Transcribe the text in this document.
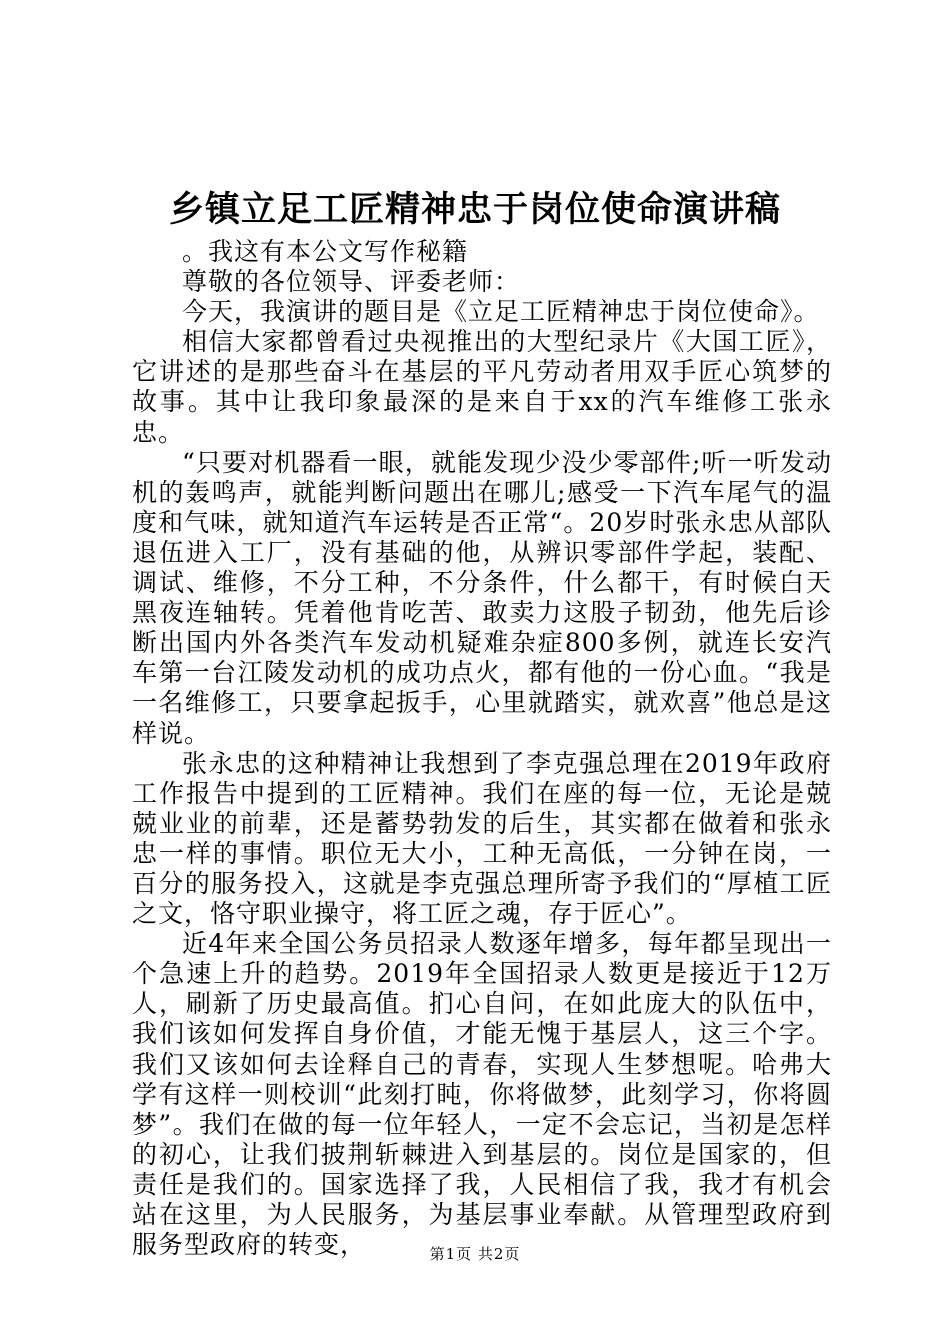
乡镇立足工匠精神忠于岗位使命演讲稿

。我这有本公文写作秘籍

尊敬的各位领导、评委老师：

今天，我演讲的题目是《立足工匠精神忠于岗位使命》。

相信大家都曾看过央视推出的大型纪录片《大国工匠》，它讲述的是那些奋斗在基层的平凡劳动者用双手匠心筑梦的故事。其中让我印象最深的是来自于xx的汽车维修工张永忠。

“只要对机器看一眼，就能发现少没少零部件;听一听发动机的轰鸣声，就能判断问题出在哪儿;感受一下汽车尾气的温度和气味，就知道汽车运转是否正常“。20岁时张永忠从部队退伍进入工厂，没有基础的他，从辨识零部件学起，装配、调试、维修，不分工种，不分条件，什么都干，有时候白天黑夜连轴转。凭着他肯吃苦、敢卖力这股子韧劲，他先后诊断出国内外各类汽车发动机疑难杂症800多例，就连长安汽车第一台江陵发动机的成功点火，都有他的一份心血。“我是一名维修工，只要拿起扳手，心里就踏实，就欢喜”他总是这样说。

张永忠的这种精神让我想到了李克强总理在2019年政府工作报告中提到的工匠精神。我们在座的每一位，无论是兢兢业业的前辈，还是蓄势勃发的后生，其实都在做着和张永忠一样的事情。职位无大小，工种无高低，一分钟在岗，一百分的服务投入，这就是李克强总理所寄予我们的“厚植工匠之文，恪守职业操守，将工匠之魂，存于匠心”。

近4年来全国公务员招录人数逐年增多，每年都呈现出一个急速上升的趋势。2019年全国招录人数更是接近于12万人，刷新了历史最高值。扪心自问，在如此庞大的队伍中，我们该如何发挥自身价值，才能无愧于基层人，这三个字。我们又该如何去诠释自己的青春，实现人生梦想呢。哈弗大学有这样一则校训“此刻打盹，你将做梦，此刻学习，你将圆梦”。我们在做的每一位年轻人，一定不会忘记，当初是怎样的初心，让我们披荆斩棘进入到基层的。岗位是国家的，但责任是我们的。国家选择了我，人民相信了我，我才有机会站在这里，为人民服务，为基层事业奉献。从管理型政府到服务型政府的转变，	第1页 共2页
